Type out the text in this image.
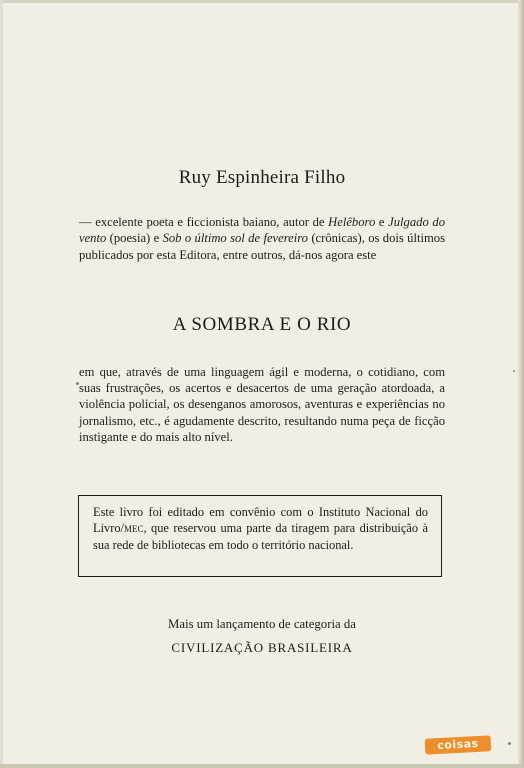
Ruy Espinheira Filho

— excelente poeta e ficcionista baiano, autor de Helêboro e Julgado do vento (poesia) e Sob o último sol de fevereiro (crônicas), os dois últimos publicados por esta Editora, entre outros, dá-nos agora este

A SOMBRA E O RIO

em que, através de uma linguagem ágil e moderna, o cotidiano, com suas frustrações, os acertos e desacertos de uma geração atordoada, a violência policial, os desenganos amorosos, aventuras e experiências no jornalismo, etc., é agudamente descrito, resultando numa peça de ficção instigante e do mais alto nível.

Este livro foi editado em convênio com o Instituto Nacional do Livro/mec, que reservou uma parte da tiragem para distribuição à sua rede de bibliotecas em todo o território nacional.

Mais um lançamento de categoria da
CIVILIZAÇÃO BRASILEIRA
coisas
